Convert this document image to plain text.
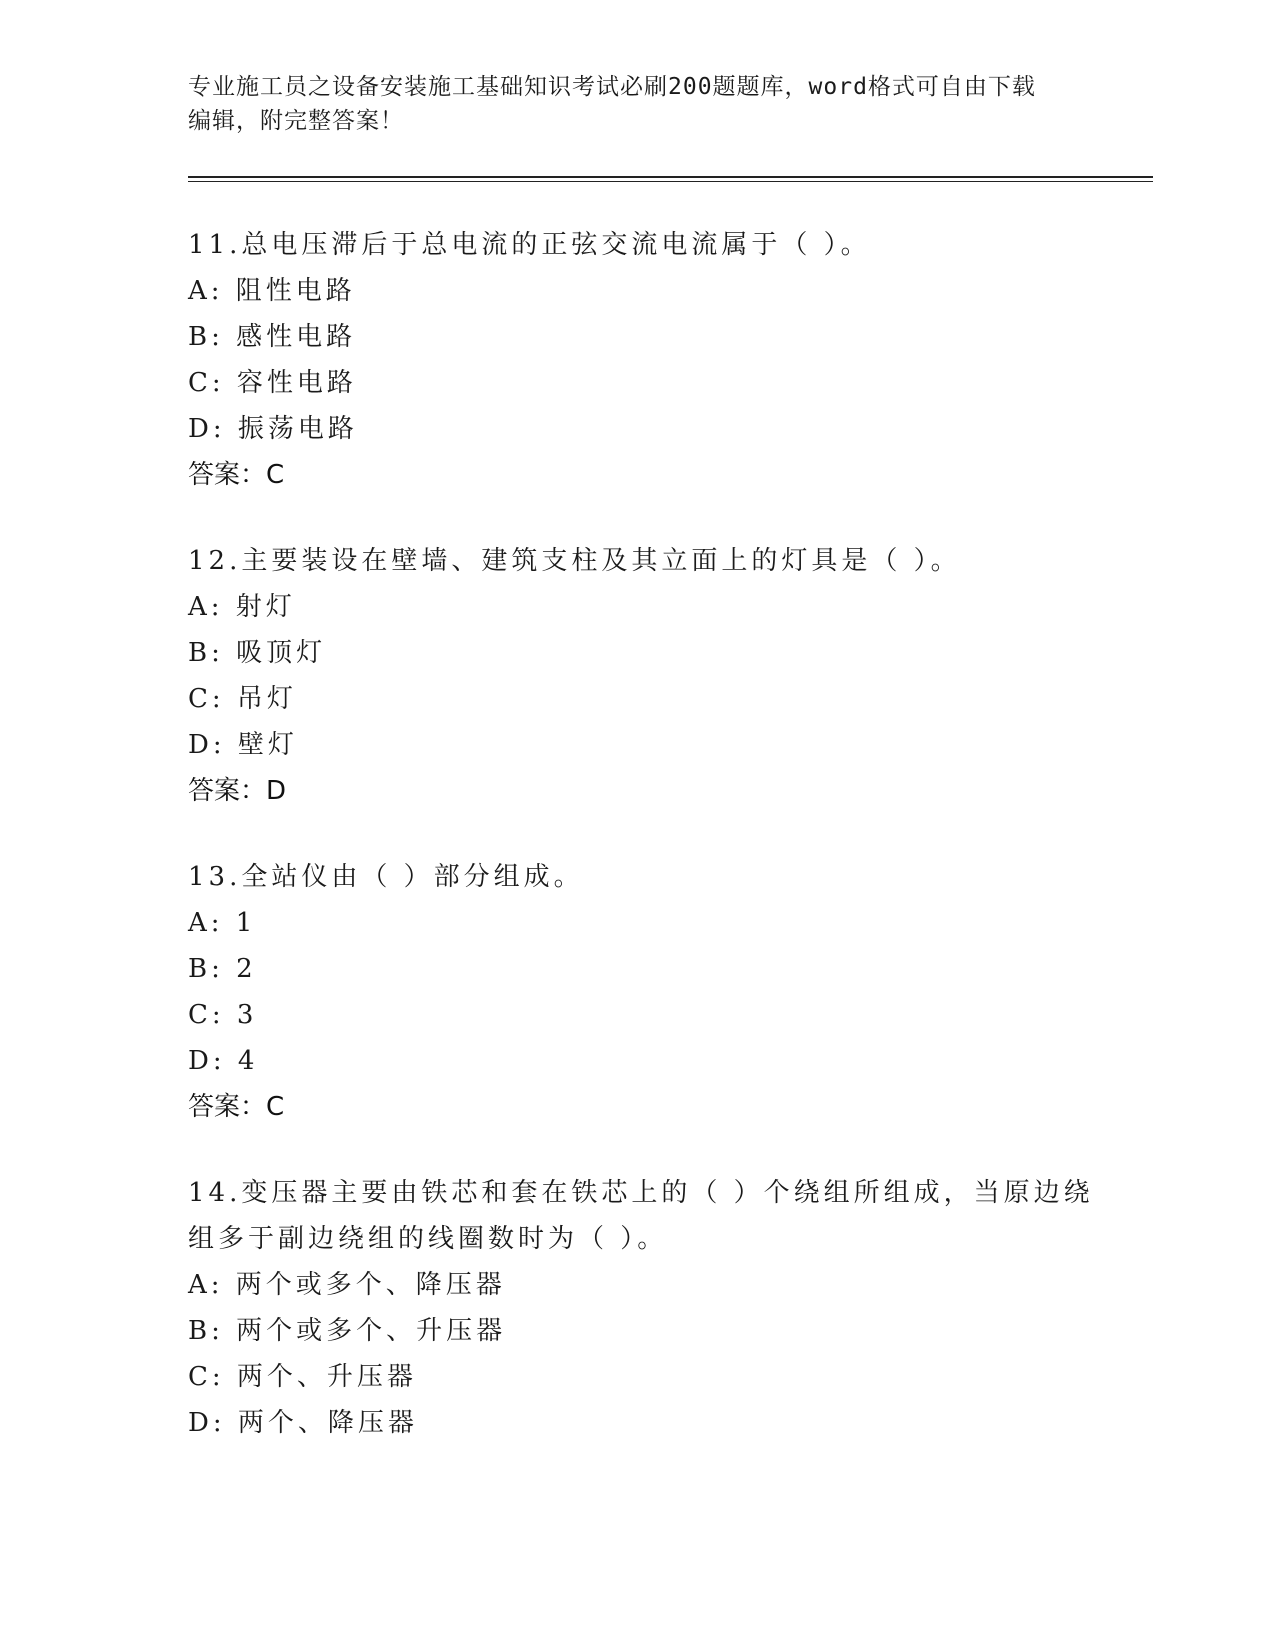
专业施工员之设备安装施工基础知识考试必刷200题题库，word格式可自由下载

编辑，附完整答案！

11.总电压滞后于总电流的正弦交流电流属于（ ）。

A: 阻性电路

B: 感性电路

C: 容性电路

D: 振荡电路

答案：C

12.主要装设在壁墙、建筑支柱及其立面上的灯具是（ ）。

A: 射灯

B: 吸顶灯

C: 吊灯

D: 壁灯

答案：D

13.全站仪由（ ）部分组成。

A: 1

B: 2

C: 3

D: 4

答案：C

14.变压器主要由铁芯和套在铁芯上的（ ）个绕组所组成，当原边绕

组多于副边绕组的线圈数时为（ ）。

A: 两个或多个、降压器

B: 两个或多个、升压器

C: 两个、升压器

D: 两个、降压器
